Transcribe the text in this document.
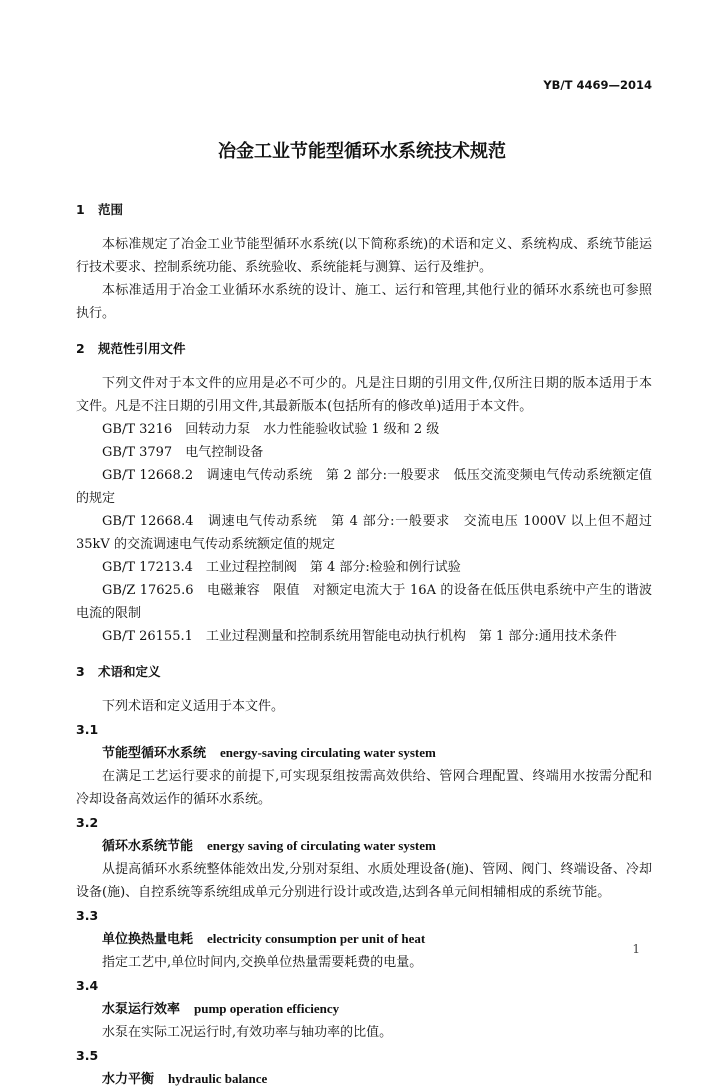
YB/T 4469—2014
冶金工业节能型循环水系统技术规范
1 范围

本标准规定了冶金工业节能型循环水系统(以下简称系统)的术语和定义、系统构成、系统节能运行技术要求、控制系统功能、系统验收、系统能耗与测算、运行及维护。

本标准适用于冶金工业循环水系统的设计、施工、运行和管理,其他行业的循环水系统也可参照执行。

2 规范性引用文件

下列文件对于本文件的应用是必不可少的。凡是注日期的引用文件,仅所注日期的版本适用于本文件。凡是不注日期的引用文件,其最新版本(包括所有的修改单)适用于本文件。

GB/T 3216　回转动力泵　水力性能验收试验 1 级和 2 级

GB/T 3797　电气控制设备

GB/T 12668.2　调速电气传动系统　第 2 部分:一般要求　低压交流变频电气传动系统额定值的规定

GB/T 12668.4　调速电气传动系统　第 4 部分:一般要求　交流电压 1000V 以上但不超过 35kV 的交流调速电气传动系统额定值的规定

GB/T 17213.4　工业过程控制阀　第 4 部分:检验和例行试验

GB/Z 17625.6　电磁兼容　限值　对额定电流大于 16A 的设备在低压供电系统中产生的谐波电流的限制

GB/T 26155.1　工业过程测量和控制系统用智能电动执行机构　第 1 部分:通用技术条件

3 术语和定义

下列术语和定义适用于本文件。

3.1
节能型循环水系统 energy-saving circulating water system

在满足工艺运行要求的前提下,可实现泵组按需高效供给、管网合理配置、终端用水按需分配和冷却设备高效运作的循环水系统。

3.2
循环水系统节能 energy saving of circulating water system

从提高循环水系统整体能效出发,分别对泵组、水质处理设备(施)、管网、阀门、终端设备、冷却设备(施)、自控系统等系统组成单元分别进行设计或改造,达到各单元间相辅相成的系统节能。

3.3
单位换热量电耗 electricity consumption per unit of heat

指定工艺中,单位时间内,交换单位热量需要耗费的电量。

3.4
水泵运行效率 pump operation efficiency

水泵在实际工况运行时,有效功率与轴功率的比值。

3.5
水力平衡 hydraulic balance
1
